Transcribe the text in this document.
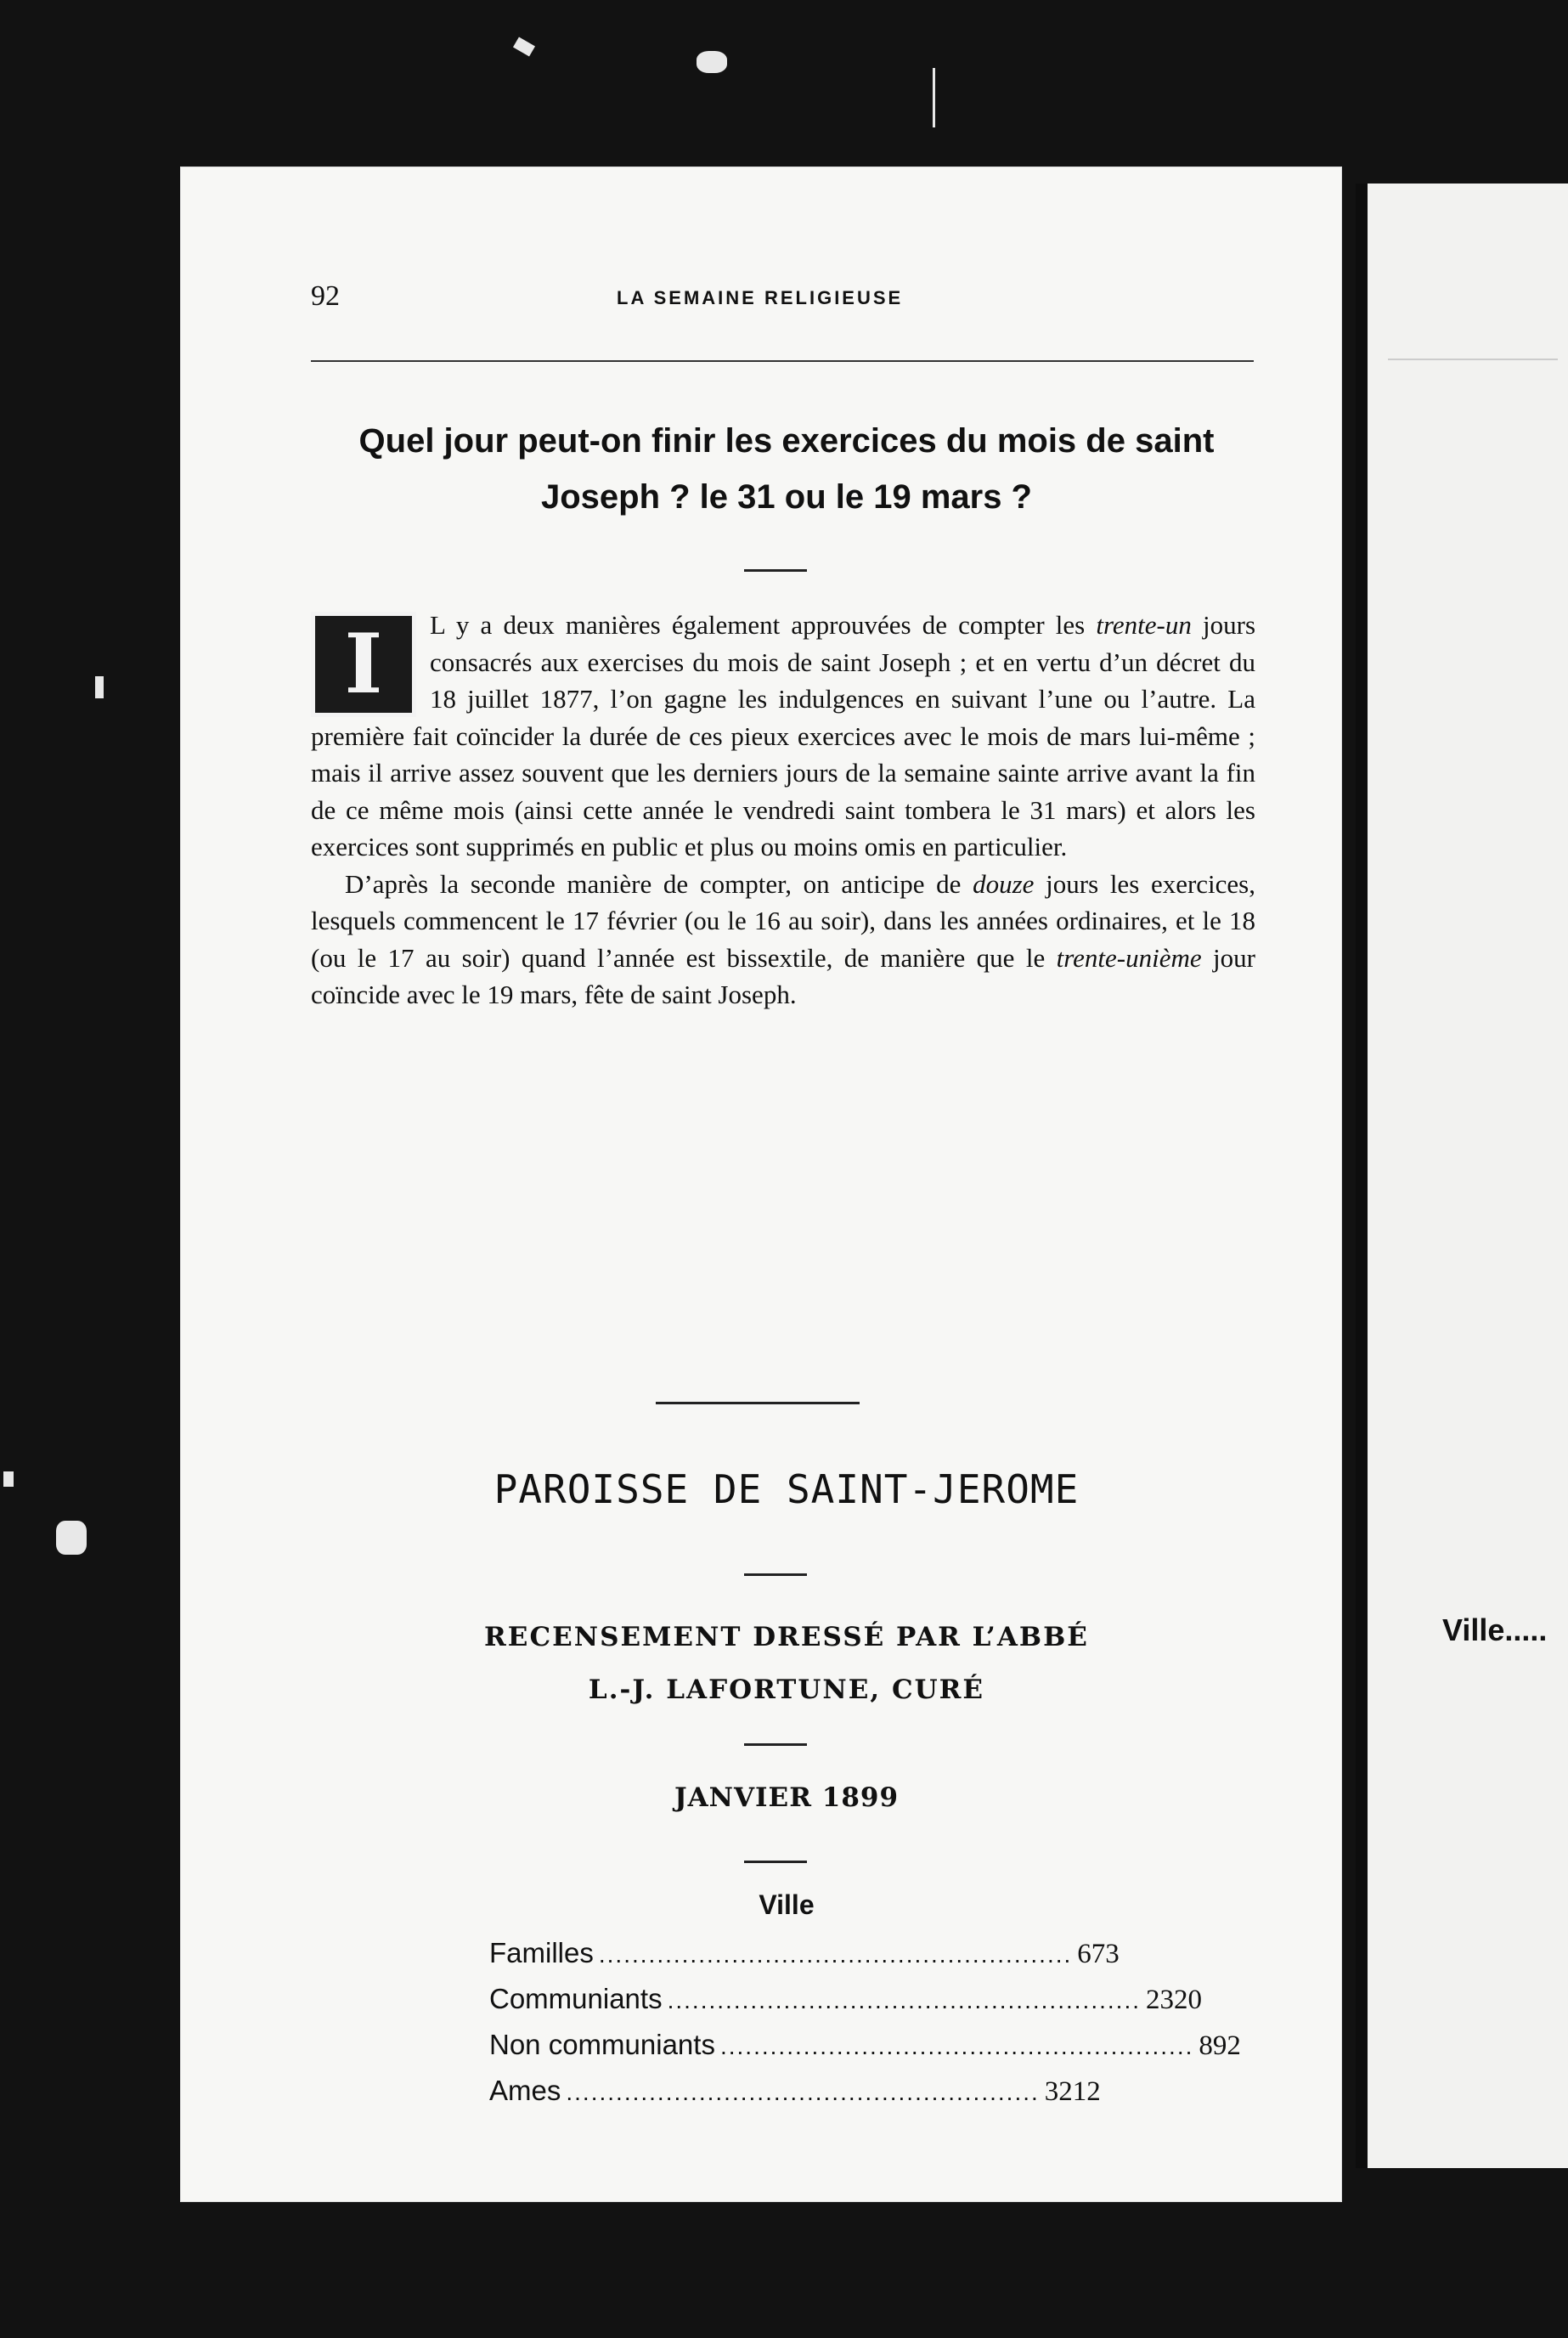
92	LA SEMAINE RELIGIEUSE
Quel jour peut-on finir les exercices du mois de saint
Joseph ? le 31 ou le 19 mars ?
I	L y a deux manières également approuvées de compter les trente-un jours consacrés aux exercises du mois de saint Joseph ; et en vertu d’un décret du 18 juillet 1877, l’on gagne les indulgences en suivant l’une ou l’autre. La première fait coïncider la durée de ces pieux exercices avec le mois de mars lui-même ; mais il arrive assez souvent que les derniers jours de la semaine sainte arrive avant la fin de ce même mois (ainsi cette année le vendredi saint tombera le 31 mars) et alors les exercices sont supprimés en public et plus ou moins omis en particulier.

D’après la seconde manière de compter, on anticipe de douze jours les exercices, lesquels commencent le 17 février (ou le 16 au soir), dans les années ordinaires, et le 18 (ou le 17 au soir) quand l’année est bissextile, de manière que le trente-unième jour coïncide avec le 19 mars, fête de saint Joseph.

PAROISSE DE SAINT-JEROME
RECENSEMENT DRESSÉ PAR L’ABBÉ
L.-J. LAFORTUNE, CURÉ
JANVIER 1899
Ville
Familles ......................................................... 673
Communiants ......................................................... 2320
Non communiants ......................................................... 892
Ames ......................................................... 3212
Ville.....
